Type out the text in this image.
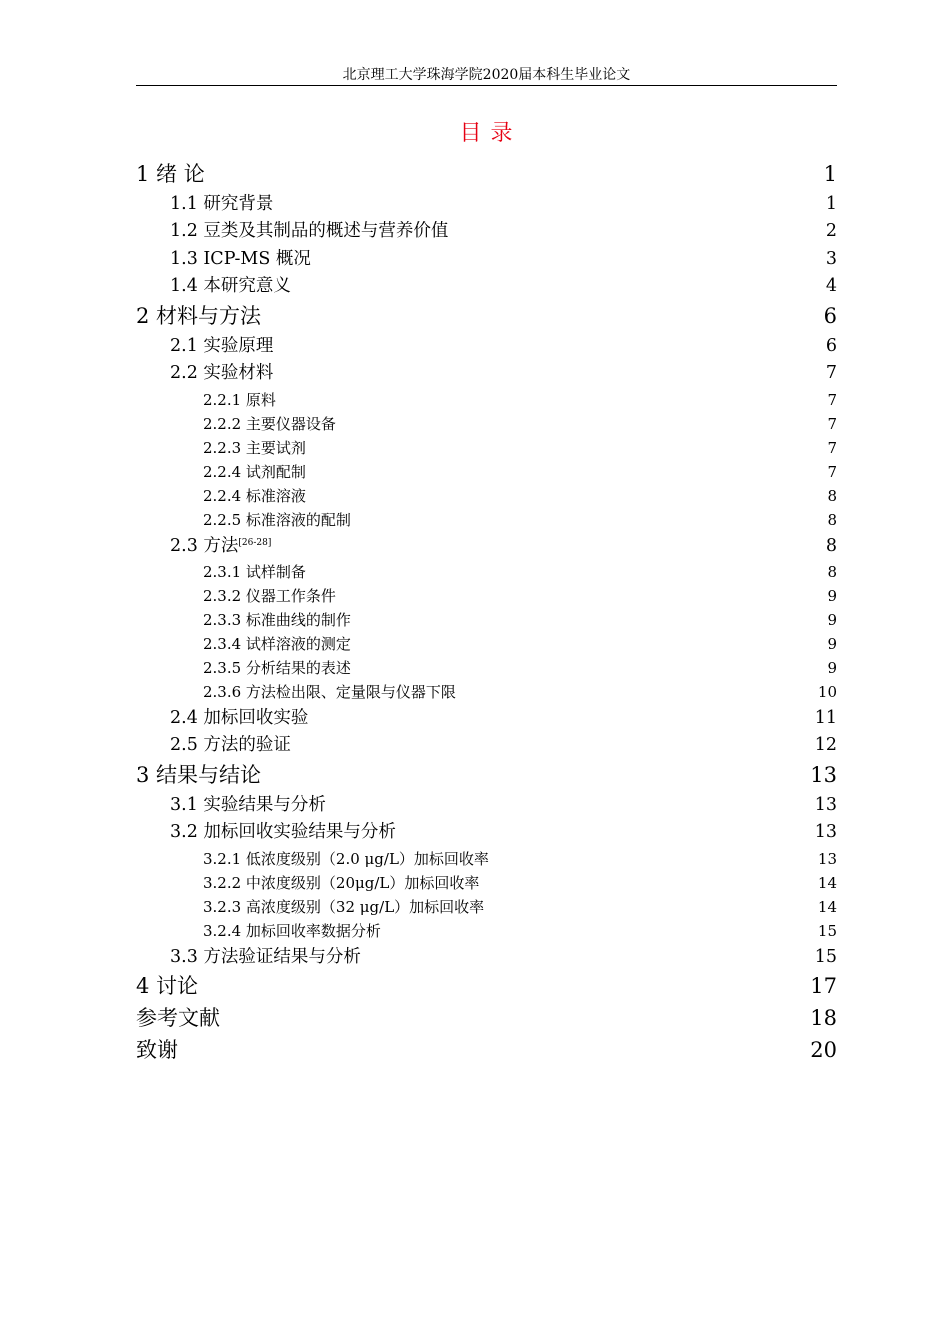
北京理工大学珠海学院2020届本科生毕业论文
目 录
1 绪 论	1
1.1 研究背景	1
1.2 豆类及其制品的概述与营养价值	2
1.3 ICP-MS 概况	3
1.4 本研究意义	4
2 材料与方法	6
2.1 实验原理	6
2.2 实验材料	7
2.2.1 原料	7
2.2.2 主要仪器设备	7
2.2.3 主要试剂	7
2.2.4 试剂配制	7
2.2.4 标准溶液	8
2.2.5 标准溶液的配制	8
2.3 方法[26-28]	8
2.3.1 试样制备	8
2.3.2 仪器工作条件	9
2.3.3 标准曲线的制作	9
2.3.4 试样溶液的测定	9
2.3.5 分析结果的表述	9
2.3.6 方法检出限、定量限与仪器下限	10
2.4 加标回收实验	11
2.5 方法的验证	12
3 结果与结论	13
3.1 实验结果与分析	13
3.2 加标回收实验结果与分析	13
3.2.1 低浓度级别（2.0 μg/L）加标回收率	13
3.2.2 中浓度级别（20μg/L）加标回收率	14
3.2.3 高浓度级别（32 μg/L）加标回收率	14
3.2.4 加标回收率数据分析	15
3.3 方法验证结果与分析	15
4 讨论	17
参考文献	18
致谢	20
